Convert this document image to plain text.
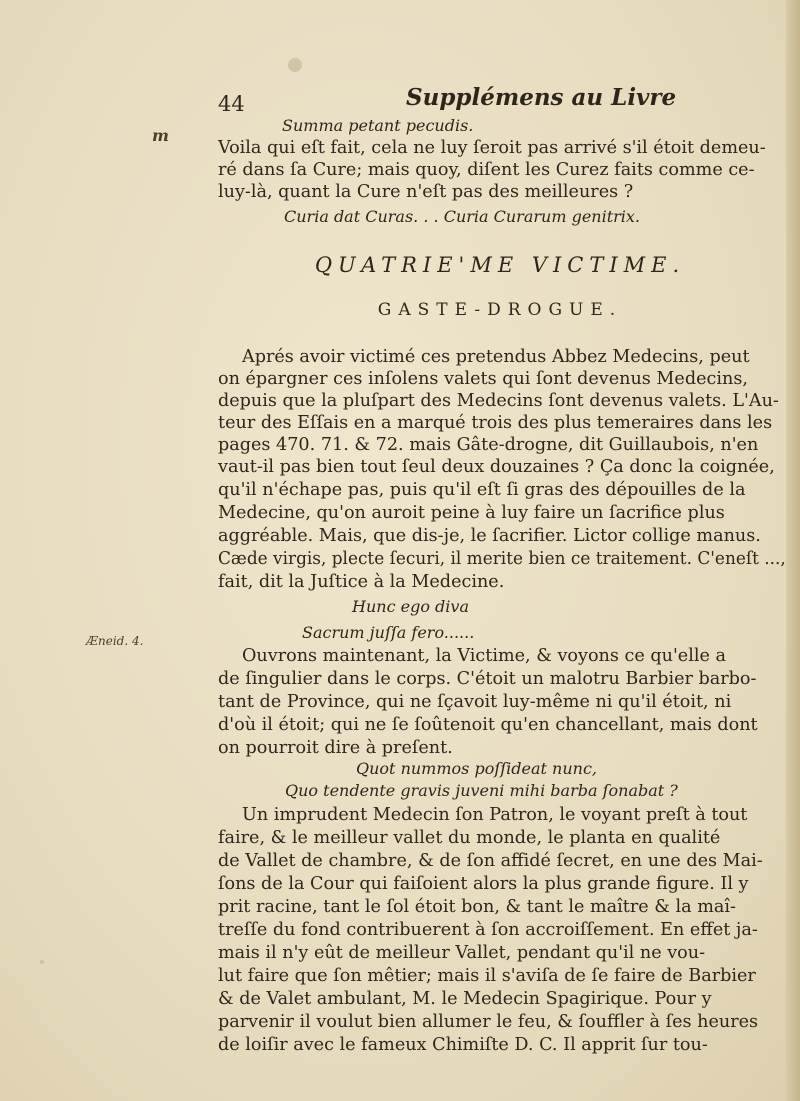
44	Supplémens au Livre
m
Æneid. 4.
Summa petant pecudis.
Voila qui eſt fait, cela ne luy ſeroit pas arrivé s'il étoit demeu-
ré dans ſa Cure; mais quoy, diſent les Curez faits comme ce-
luy-là, quant la Cure n'eſt pas des meilleures ?
Curia dat Curas. . . Curia Curarum genitrix.
QUATRIE'ME VICTIME.
GASTE-DROGUE.
Aprés avoir victimé ces pretendus Abbez Medecins, peut
on épargner ces inſolens valets qui ſont devenus Medecins,
depuis que la pluſpart des Medecins ſont devenus valets. L'Au-
teur des Eſſais en a marqué trois des plus temeraires dans les
pages 470. 71. & 72. mais Gâte-drogne, dit Guillaubois, n'en
vaut-il pas bien tout ſeul deux douzaines ? Ça donc la coignée,
qu'il n'échape pas, puis qu'il eſt ſi gras des dépouilles de la
Medecine, qu'on auroit peine à luy faire un ſacrifice plus
aggréable. Mais, que dis-je, le ſacrifier. Lictor collige manus.
Cæde virgis, plecte ſecuri, il merite bien ce traitement. C'eneſt ...,
fait, dit la Juſtice à la Medecine.
Hunc ego diva
Sacrum juſſa fero......
Ouvrons maintenant, la Victime, & voyons ce qu'elle a
de ſingulier dans le corps. C'étoit un malotru Barbier barbo-
tant de Province, qui ne ſçavoit luy-même ni qu'il étoit, ni
d'où il étoit; qui ne ſe ſoûtenoit qu'en chancellant, mais dont
on pourroit dire à preſent.
Quot nummos poſſideat nunc,
Quo tendente gravis juveni mihi barba ſonabat ?
Un imprudent Medecin ſon Patron, le voyant preſt à tout
faire, & le meilleur vallet du monde, le planta en qualité
de Vallet de chambre, & de ſon affidé ſecret, en une des Mai-
ſons de la Cour qui faiſoient alors la plus grande figure. Il y
prit racine, tant le ſol étoit bon, & tant le maître & la maî-
treſſe du fond contribuerent à ſon accroiſſement. En effet ja-
mais il n'y eût de meilleur Vallet, pendant qu'il ne vou-
lut faire que ſon mêtier; mais il s'aviſa de ſe faire de Barbier
& de Valet ambulant, M. le Medecin Spagirique. Pour y
parvenir il voulut bien allumer le feu, & ſouffler à ſes heures
de loiſir avec le fameux Chimiſte D. C. Il apprit ſur tou-
